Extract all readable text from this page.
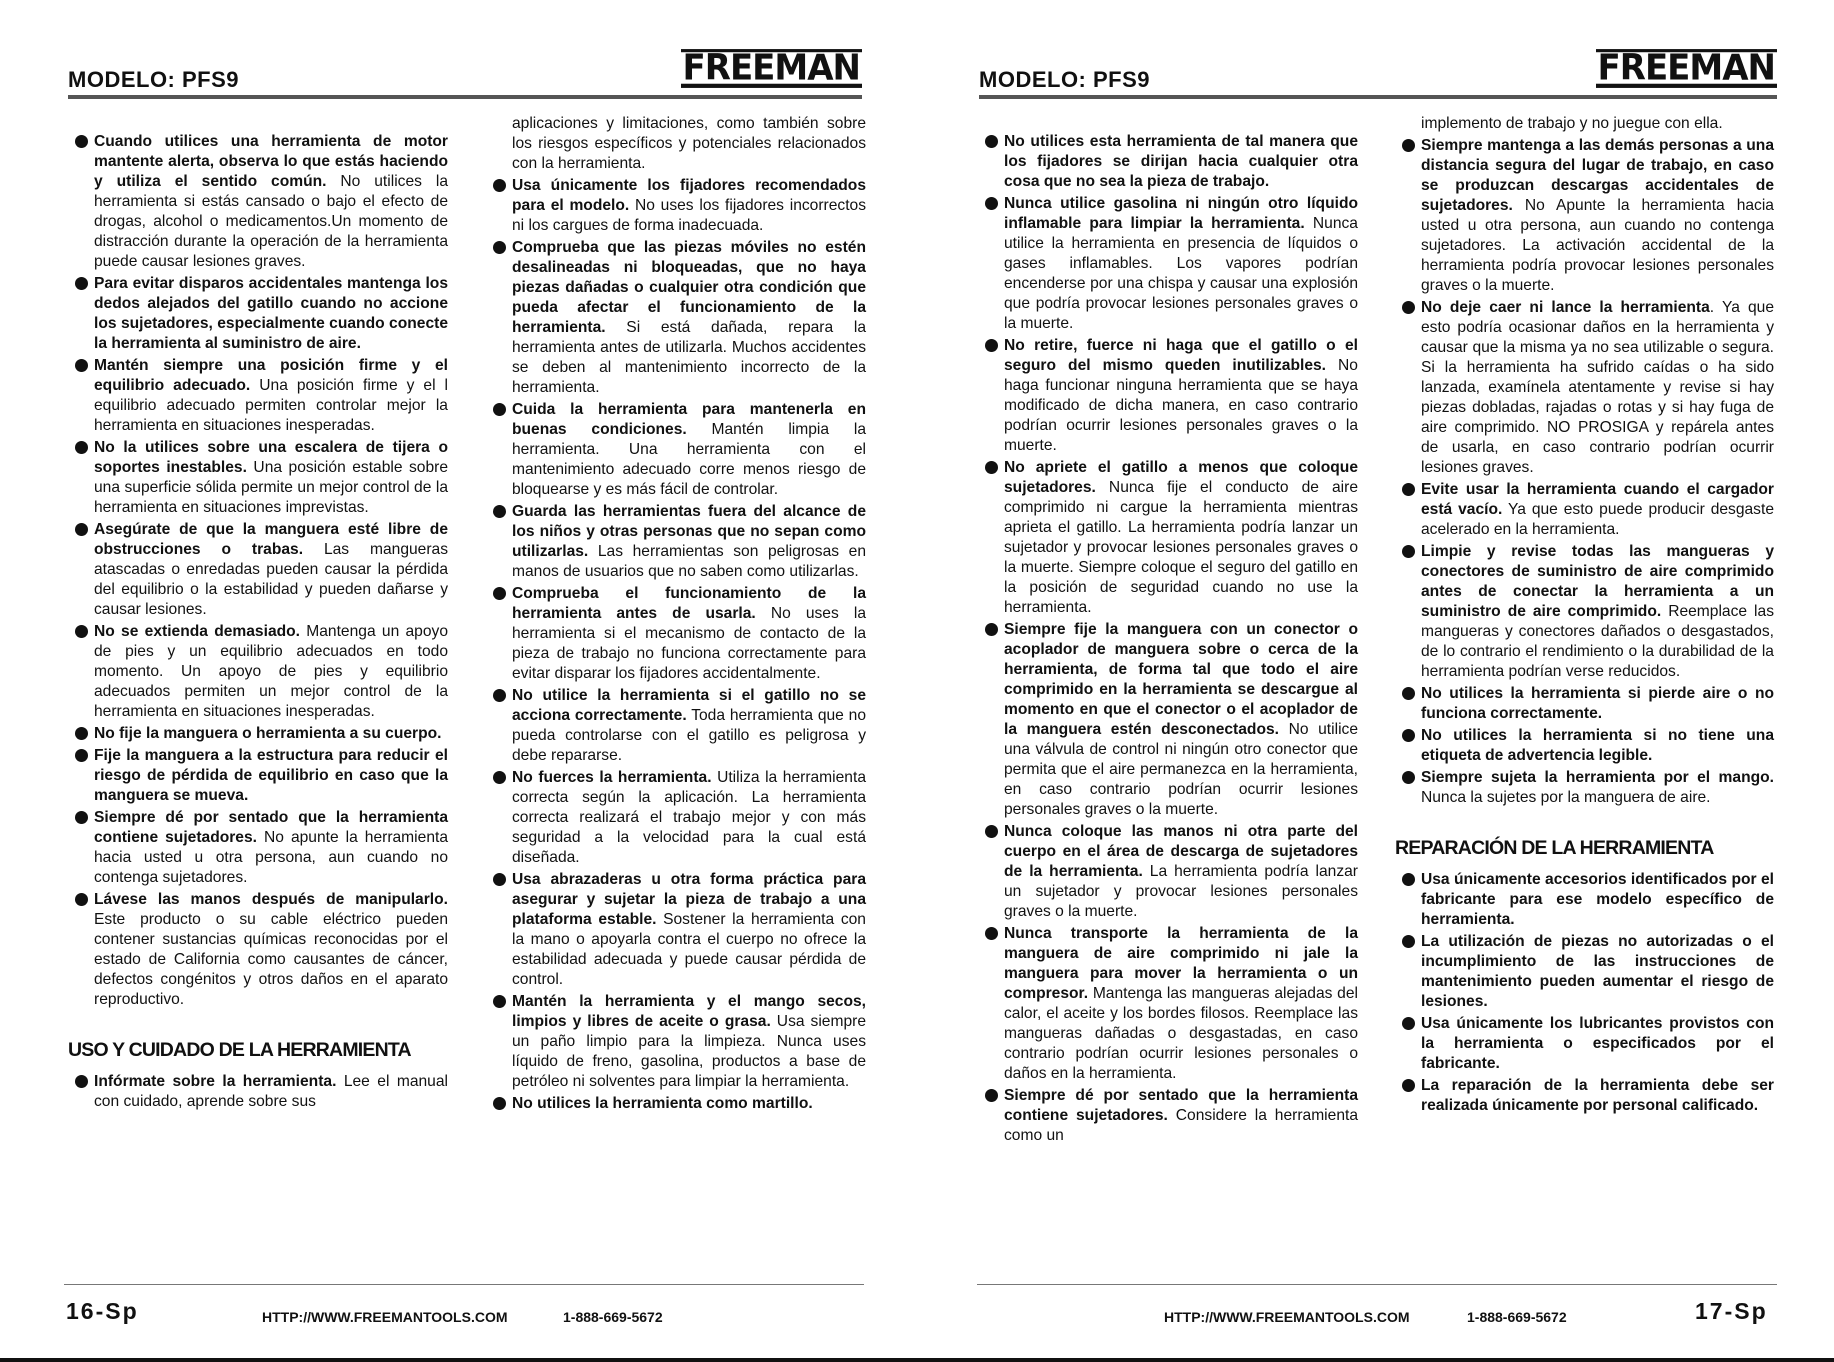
MODELO: PFS9	FREEMAN
Cuando utilices una herramienta de motor mantente alerta, observa lo que estás haciendo y utiliza el sentido común. No utilices la herramienta si estás cansado o bajo el efecto de drogas, alcohol o medicamentos.Un momento de distracción durante la operación de la herramienta puede causar lesiones graves.
Para evitar disparos accidentales mantenga los dedos alejados del gatillo cuando no accione los sujetadores, especialmente cuando conecte la herramienta al suministro de aire.
Mantén siempre una posición firme y el equilibrio adecuado. Una posición firme y el l equilibrio adecuado permiten controlar mejor la herramienta en situaciones inesperadas.
No la utilices sobre una escalera de tijera o soportes inestables. Una posición estable sobre una superficie sólida permite un mejor control de la herramienta en situaciones imprevistas.
Asegúrate de que la manguera esté libre de obstrucciones o trabas. Las mangueras atascadas o enredadas pueden causar la pérdida del equilibrio o la estabilidad y pueden dañarse y causar lesiones.
No se extienda demasiado. Mantenga un apoyo de pies y un equilibrio adecuados en todo momento. Un apoyo de pies y equilibrio adecuados permiten un mejor control de la herramienta en situaciones inesperadas.
No fije la manguera o herramienta a su cuerpo.
Fije la manguera a la estructura para reducir el riesgo de pérdida de equilibrio en caso que la manguera se mueva.
Siempre dé por sentado que la herramienta contiene sujetadores. No apunte la herramienta hacia usted u otra persona, aun cuando no contenga sujetadores.
Lávese las manos después de manipularlo. Este producto o su cable eléctrico pueden contener sustancias químicas reconocidas por el estado de California como causantes de cáncer, defectos congénitos y otros daños en el aparato reproductivo.
USO Y CUIDADO DE LA HERRAMIENTA
Infórmate sobre la herramienta. Lee el manual con cuidado, aprende sobre sus
aplicaciones y limitaciones, como también sobre los riesgos específicos y potenciales relacionados con la herramienta.
Usa únicamente los fijadores recomendados para el modelo. No uses los fijadores incorrectos ni los cargues de forma inadecuada.
Comprueba que las piezas móviles no estén desalineadas ni bloqueadas, que no haya piezas dañadas o cualquier otra condición que pueda afectar el funcionamiento de la herramienta. Si está dañada, repara la herramienta antes de utilizarla. Muchos accidentes se deben al mantenimiento incorrecto de la herramienta.
Cuida la herramienta para mantenerla en buenas condiciones. Mantén limpia la herramienta. Una herramienta con el mantenimiento adecuado corre menos riesgo de bloquearse y es más fácil de controlar.
Guarda las herramientas fuera del alcance de los niños y otras personas que no sepan como utilizarlas. Las herramientas son peligrosas en manos de usuarios que no saben como utilizarlas.
Comprueba el funcionamiento de la herramienta antes de usarla. No uses la herramienta si el mecanismo de contacto de la pieza de trabajo no funciona correctamente para evitar disparar los fijadores accidentalmente.
No utilice la herramienta si el gatillo no se acciona correctamente. Toda herramienta que no pueda controlarse con el gatillo es peligrosa y debe repararse.
No fuerces la herramienta. Utiliza la herramienta correcta según la aplicación. La herramienta correcta realizará el trabajo mejor y con más seguridad a la velocidad para la cual está diseñada.
Usa abrazaderas u otra forma práctica para asegurar y sujetar la pieza de trabajo a una plataforma estable. Sostener la herramienta con la mano o apoyarla contra el cuerpo no ofrece la estabilidad adecuada y puede causar pérdida de control.
Mantén la herramienta y el mango secos, limpios y libres de aceite o grasa. Usa siempre un paño limpio para la limpieza. Nunca uses líquido de freno, gasolina, productos a base de petróleo ni solventes para limpiar la herramienta.
No utilices la herramienta como martillo.
16-Sp	HTTP://WWW.FREEMANTOOLS.COM	1-888-669-5672
MODELO: PFS9	FREEMAN
No utilices esta herramienta de tal manera que los fijadores se dirijan hacia cualquier otra cosa que no sea la pieza de trabajo.
Nunca utilice gasolina ni ningún otro líquido inflamable para limpiar la herramienta. Nunca utilice la herramienta en presencia de líquidos o gases inflamables. Los vapores podrían encenderse por una chispa y causar una explosión que podría provocar lesiones personales graves o la muerte.
No retire, fuerce ni haga que el gatillo o el seguro del mismo queden inutilizables. No haga funcionar ninguna herramienta que se haya modificado de dicha manera, en caso contrario podrían ocurrir lesiones personales graves o la muerte.
No apriete el gatillo a menos que coloque sujetadores. Nunca fije el conducto de aire comprimido ni cargue la herramienta mientras aprieta el gatillo. La herramienta podría lanzar un sujetador y provocar lesiones personales graves o la muerte. Siempre coloque el seguro del gatillo en la posición de seguridad cuando no use la herramienta.
Siempre fije la manguera con un conector o acoplador de manguera sobre o cerca de la herramienta, de forma tal que todo el aire comprimido en la herramienta se descargue al momento en que el conector o el acoplador de la manguera estén desconectados. No utilice una válvula de control ni ningún otro conector que permita que el aire permanezca en la herramienta, en caso contrario podrían ocurrir lesiones personales graves o la muerte.
Nunca coloque las manos ni otra parte del cuerpo en el área de descarga de sujetadores de la herramienta. La herramienta podría lanzar un sujetador y provocar lesiones personales graves o la muerte.
Nunca transporte la herramienta de la manguera de aire comprimido ni jale la manguera para mover la herramienta o un compresor. Mantenga las mangueras alejadas del calor, el aceite y los bordes filosos. Reemplace las mangueras dañadas o desgastadas, en caso contrario podrían ocurrir lesiones personales o daños en la herramienta.
Siempre dé por sentado que la herramienta contiene sujetadores. Considere la herramienta como un
implemento de trabajo y no juegue con ella.
Siempre mantenga a las demás personas a una distancia segura del lugar de trabajo, en caso se produzcan descargas accidentales de sujetadores. No Apunte la herramienta hacia usted u otra persona, aun cuando no contenga sujetadores. La activación accidental de la herramienta podría provocar lesiones personales graves o la muerte.
No deje caer ni lance la herramienta. Ya que esto podría ocasionar daños en la herramienta y causar que la misma ya no sea utilizable o segura. Si la herramienta ha sufrido caídas o ha sido lanzada, examínela atentamente y revise si hay piezas dobladas, rajadas o rotas y si hay fuga de aire comprimido. NO PROSIGA y repárela antes de usarla, en caso contrario podrían ocurrir lesiones graves.
Evite usar la herramienta cuando el cargador está vacío. Ya que esto puede producir desgaste acelerado en la herramienta.
Limpie y revise todas las mangueras y conectores de suministro de aire comprimido antes de conectar la herramienta a un suministro de aire comprimido. Reemplace las mangueras y conectores dañados o desgastados, de lo contrario el rendimiento o la durabilidad de la herramienta podrían verse reducidos.
No utilices la herramienta si pierde aire o no funciona correctamente.
No utilices la herramienta si no tiene una etiqueta de advertencia legible.
Siempre sujeta la herramienta por el mango. Nunca la sujetes por la manguera de aire.
REPARACIÓN DE LA HERRAMIENTA
Usa únicamente accesorios identificados por el fabricante para ese modelo específico de herramienta.
La utilización de piezas no autorizadas o el incumplimiento de las instrucciones de mantenimiento pueden aumentar el riesgo de lesiones.
Usa únicamente los lubricantes provistos con la herramienta o especificados por el fabricante.
La reparación de la herramienta debe ser realizada únicamente por personal calificado.
HTTP://WWW.FREEMANTOOLS.COM	1-888-669-5672	17-Sp
